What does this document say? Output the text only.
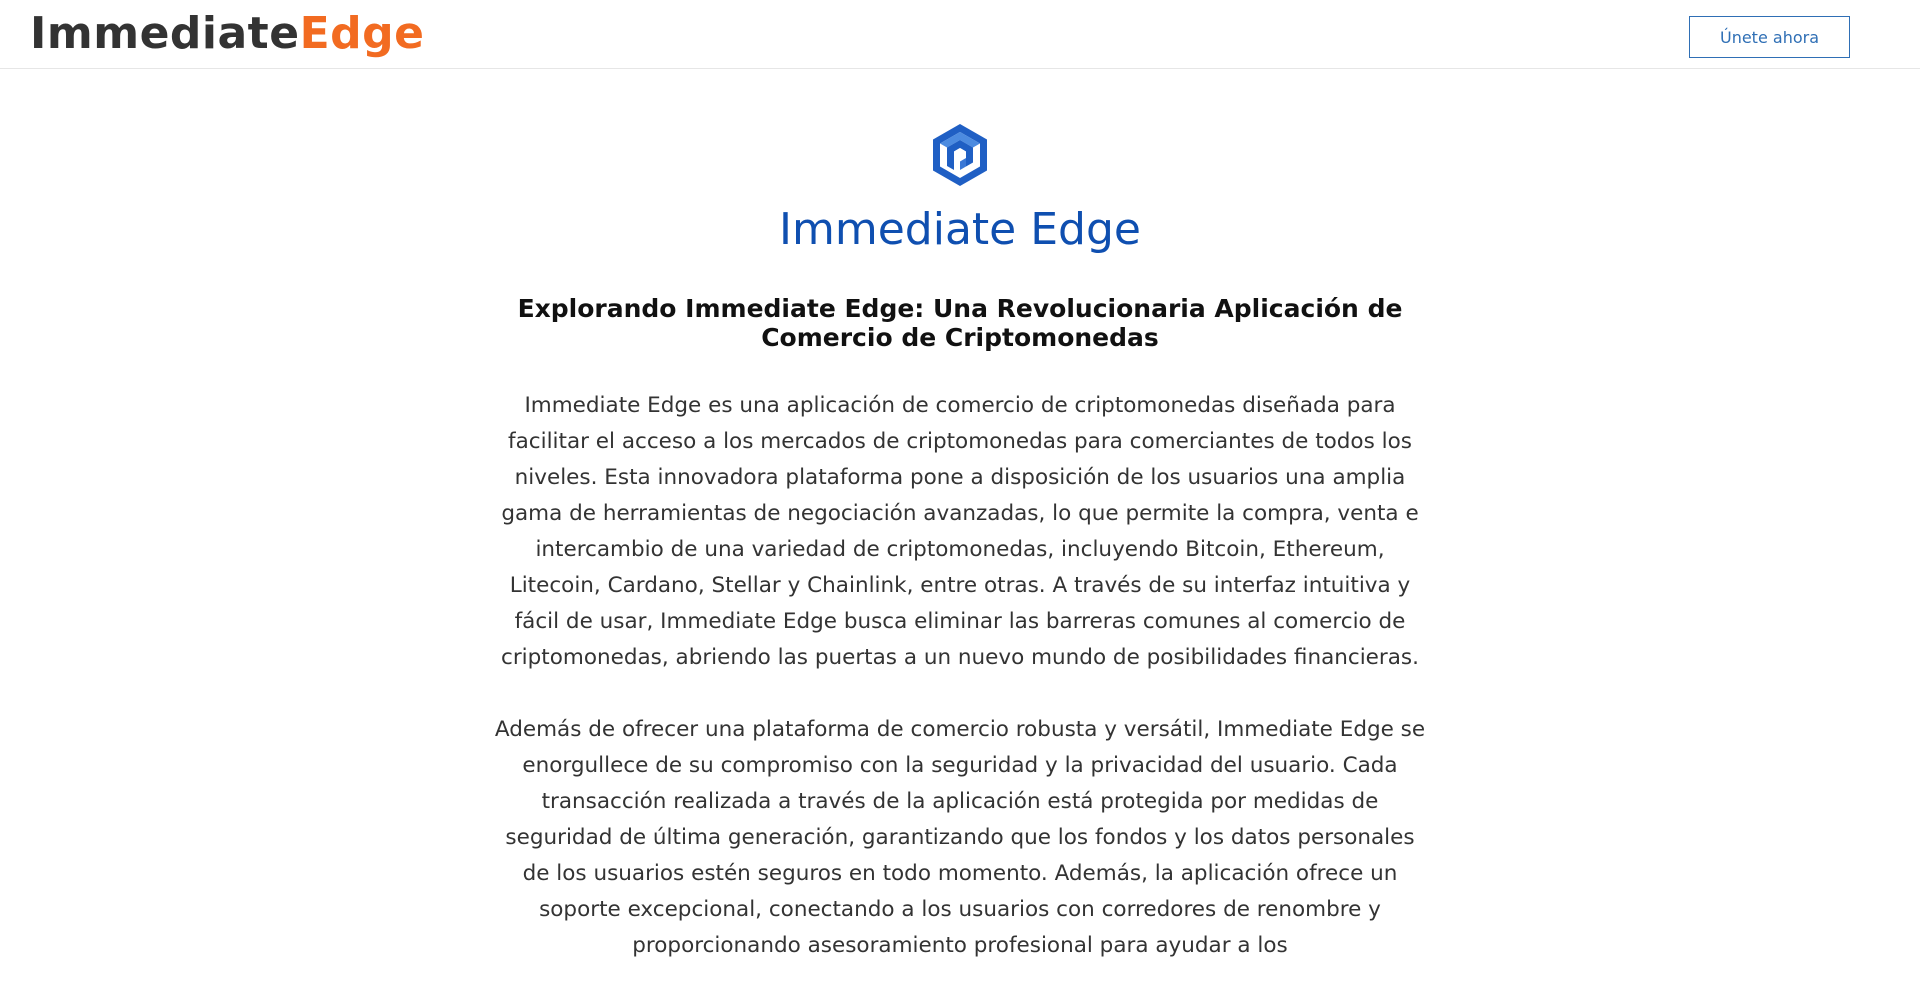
ImmediateEdge	Únete ahora
Immediate Edge
Explorando Immediate Edge: Una Revolucionaria Aplicación de Comercio de Criptomonedas

Immediate Edge es una aplicación de comercio de criptomonedas diseñada para facilitar el acceso a los mercados de criptomonedas para comerciantes de todos los niveles. Esta innovadora plataforma pone a disposición de los usuarios una amplia gama de herramientas de negociación avanzadas, lo que permite la compra, venta e intercambio de una variedad de criptomonedas, incluyendo Bitcoin, Ethereum, Litecoin, Cardano, Stellar y Chainlink, entre otras. A través de su interfaz intuitiva y fácil de usar, Immediate Edge busca eliminar las barreras comunes al comercio de criptomonedas, abriendo las puertas a un nuevo mundo de posibilidades financieras.

Además de ofrecer una plataforma de comercio robusta y versátil, Immediate Edge se enorgullece de su compromiso con la seguridad y la privacidad del usuario. Cada transacción realizada a través de la aplicación está protegida por medidas de seguridad de última generación, garantizando que los fondos y los datos personales de los usuarios estén seguros en todo momento. Además, la aplicación ofrece un soporte excepcional, conectando a los usuarios con corredores de renombre y proporcionando asesoramiento profesional para ayudar a los
